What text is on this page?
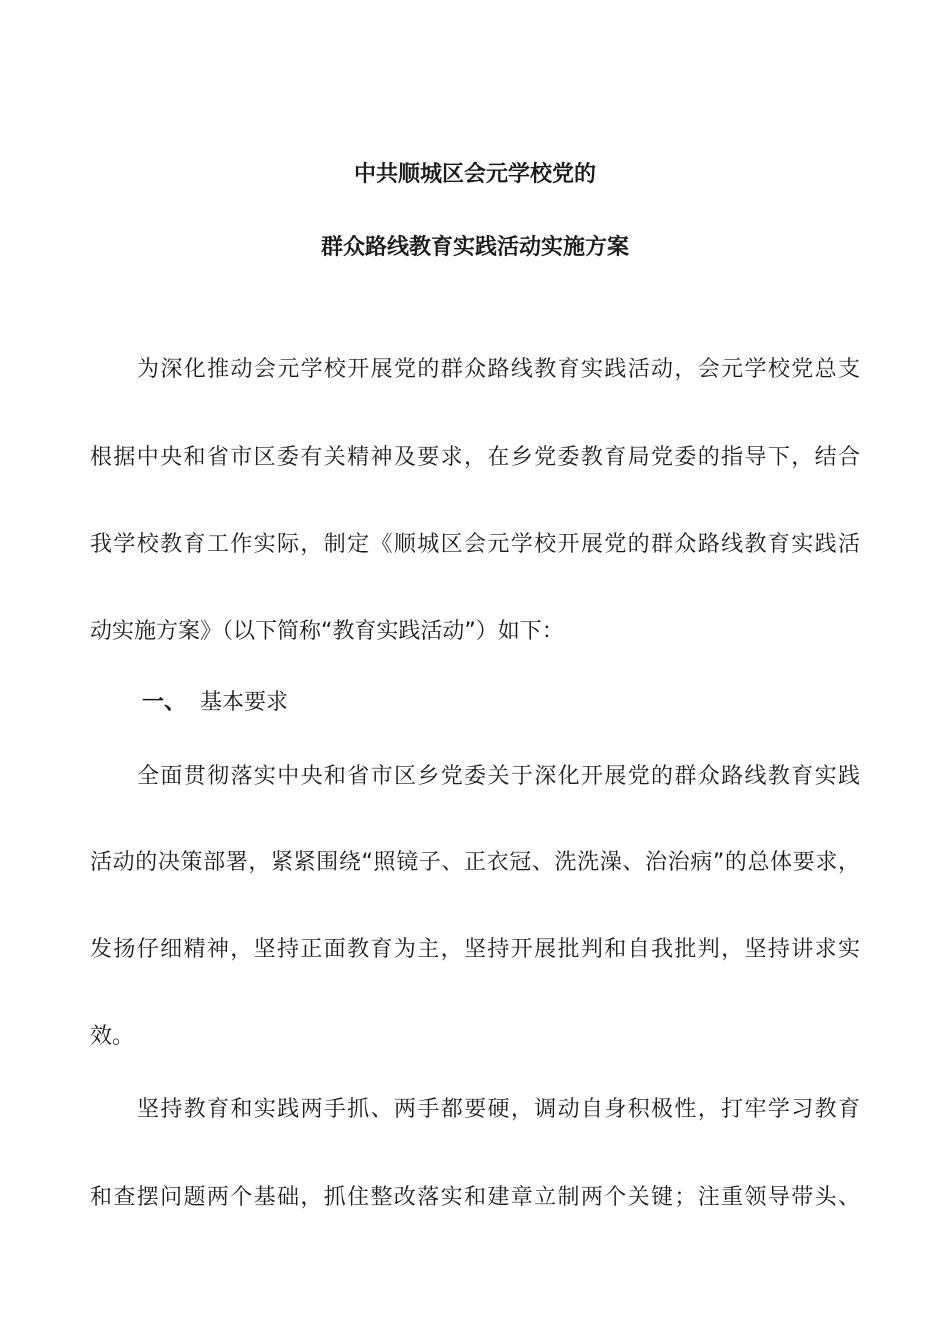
中共顺城区会元学校党的
群众路线教育实践活动实施方案
为深化推动会元学校开展党的群众路线教育实践活动，会元学校党总支
根据中央和省市区委有关精神及要求，在乡党委教育局党委的指导下，结合
我学校教育工作实际，制定《顺城区会元学校开展党的群众路线教育实践活
动实施方案》（以下简称“教育实践活动”）如下：
一、 基本要求
全面贯彻落实中央和省市区乡党委关于深化开展党的群众路线教育实践
活动的决策部署，紧紧围绕“照镜子、正衣冠、洗洗澡、治治病”的总体要求，
发扬仔细精神，坚持正面教育为主，坚持开展批判和自我批判，坚持讲求实
效。
坚持教育和实践两手抓、两手都要硬，调动自身积极性，打牢学习教育
和查摆问题两个基础，抓住整改落实和建章立制两个关键；注重领导带头、
